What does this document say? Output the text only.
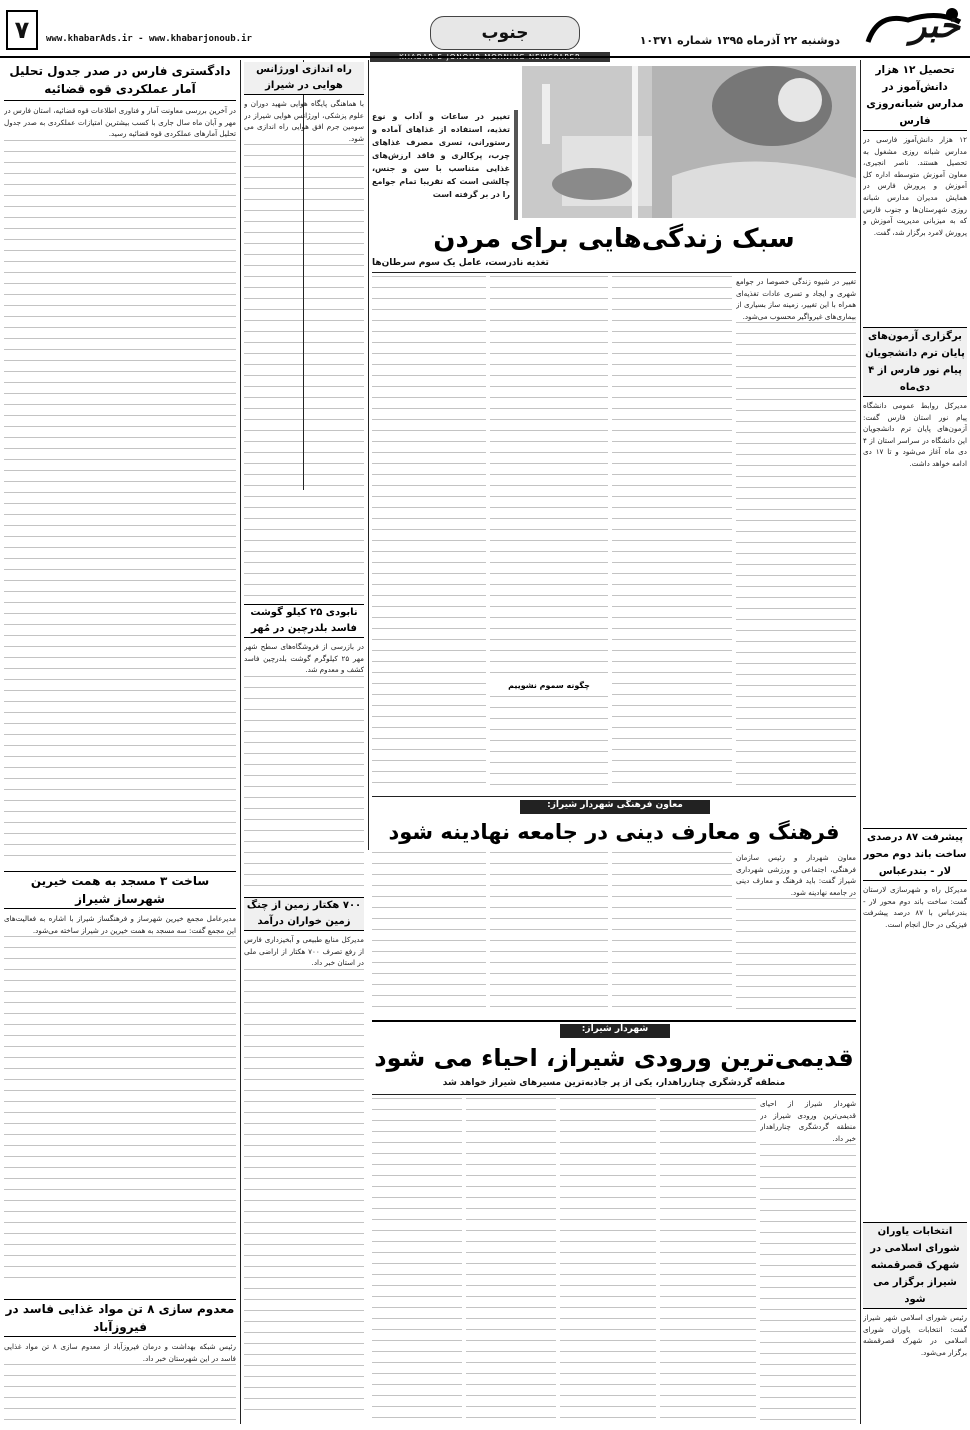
۷	www.khabarAds.ir - www.khabarjonoub.ir	جنوب	دوشنبه ۲۲ آذرماه ۱۳۹۵ شماره ۱۰۳۷۱ خبر
KHABAR-E-JONOUB MORNING NEWSPAPER
تحصیل ۱۲ هزار دانش‌آموز در مدارس شبانه‌روزی فارس
۱۲ هزار دانش‌آموز فارسی در مدارس شبانه روزی مشغول به تحصیل هستند. ناصر انجیری، معاون آموزش متوسطه اداره کل آموزش و پرورش فارس در همایش مدیران مدارس شبانه روزی شهرستان‌ها و جنوب فارس که به میزبانی مدیریت آموزش و پرورش لامرد برگزار شد، گفت.
برگزاری آزمون‌های پایان ترم دانشجویان پیام نور فارس از ۴ دی‌ماه
مدیرکل روابط عمومی دانشگاه پیام نور استان فارس گفت: آزمون‌های پایان ترم دانشجویان این دانشگاه در سراسر استان از ۴ دی ماه آغاز می‌شود و تا ۱۷ دی ادامه خواهد داشت.
پیشرفت ۸۷ درصدی ساخت باند دوم محور لار - بندرعباس
مدیرکل راه و شهرسازی لارستان گفت: ساخت باند دوم محور لار - بندرعباس با ۸۷ درصد پیشرفت فیزیکی در حال انجام است.
انتخابات یاوران شورای اسلامی در شهرک قصرقمشه شیراز برگزار می شود
رئیس شورای اسلامی شهر شیراز گفت: انتخابات یاوران شورای اسلامی در شهرک قصرقمشه برگزار می‌شود.
تغییر در ساعات و آداب و نوع تغذیه، استفاده از غذاهای آماده و رستورانی، تسری مصرف غذاهای چرب، پرکالری و فاقد ارزش‌های غذایی متناسب با سن و جنس، چالشی است که تقریبا تمام جوامع را در بر گرفته است
سبک زندگی‌هایی برای مردن
تغذیه نادرست، عامل یک سوم سرطان‌ها
تغییر در شیوه زندگی خصوصا در جوامع شهری و ایجاد و تسری عادات تغذیه‌ای همراه با این تغییر، زمینه ساز بسیاری از بیماری‌های غیرواگیر محسوب می‌شود.
چگونه سموم نشوییم
معاون فرهنگی شهردار شیراز:
فرهنگ و معارف دینی در جامعه نهادینه شود
معاون شهردار و رئیس سازمان فرهنگی، اجتماعی و ورزشی شهرداری شیراز گفت: باید فرهنگ و معارف دینی در جامعه نهادینه شود.
شهردار شیراز:
قدیمی‌ترین ورودی شیراز، احیاء می شود
منطقه گردشگری چنارراهدار، یکی از پر جاذبه‌ترین مسیرهای شیراز خواهد شد
شهردار شیراز از احیای قدیمی‌ترین ورودی شیراز در منطقه گردشگری چنارراهدار خبر داد.
راه اندازی اورژانس هوایی در شیراز
با هماهنگی پایگاه هوایی شهید دوران و علوم پزشکی، اورژانس هوایی شیراز در سومین جرم افق هوایی راه اندازی می شود.
نابودی ۲۵ کیلو گوشت فاسد بلدرچین در مُهر
در بازرسی از فروشگاه‌های سطح شهر مهر ۲۵ کیلوگرم گوشت بلدرچین فاسد کشف و معدوم شد.
۷۰۰ هکتار زمین از چنگ زمین خواران درآمد
مدیرکل منابع طبیعی و آبخیزداری فارس از رفع تصرف ۷۰۰ هکتار از اراضی ملی در استان خبر داد.
دادگستری فارس در صدر جدول تحلیل آمار عملکردی قوه قضائیه
در آخرین بررسی معاونت آمار و فناوری اطلاعات قوه قضائیه، استان فارس در مهر و آبان ماه سال جاری با کسب بیشترین امتیازات عملکردی به صدر جدول تحلیل آمارهای عملکردی قوه قضائیه رسید.
ساخت ۳ مسجد به همت خیرین شهرساز شیراز
مدیرعامل مجمع خیرین شهرساز و فرهنگساز شیراز با اشاره به فعالیت‌های این مجمع گفت: سه مسجد به همت خیرین در شیراز ساخته می‌شود.
معدوم سازی ۸ تن مواد غذایی فاسد در فیروزآباد
رئیس شبکه بهداشت و درمان فیروزآباد از معدوم سازی ۸ تن مواد غذایی فاسد در این شهرستان خبر داد.
